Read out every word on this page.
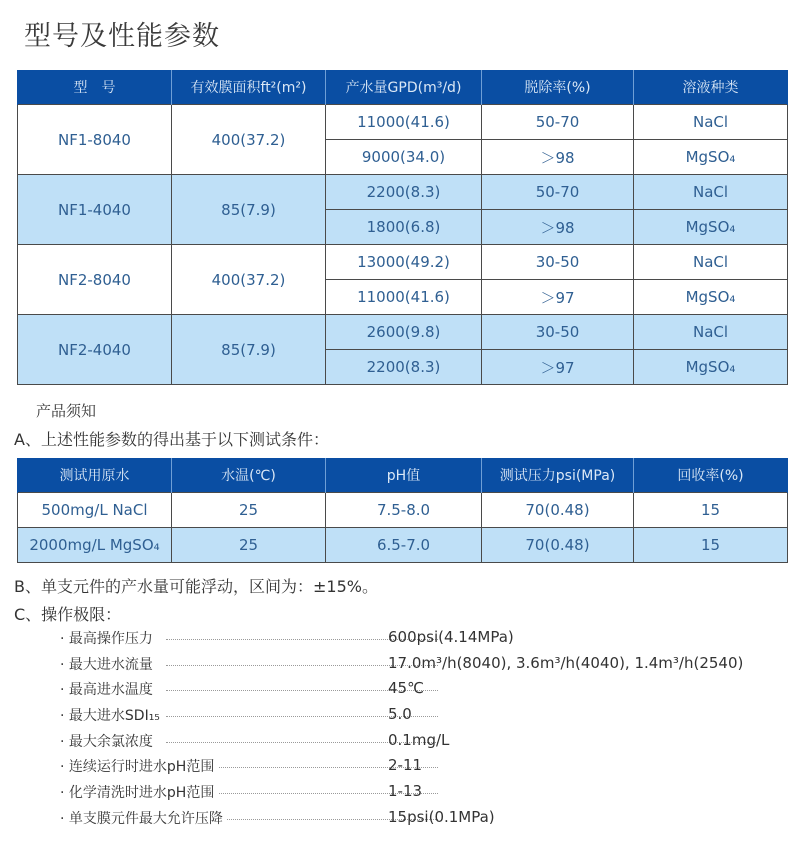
型号及性能参数
型　号	有效膜面积ft²(m²)	产水量GPD(m³/d)	脱除率(%)	溶液种类
NF1-8040	400(37.2)	11000(41.6)	50-70	NaCl
		9000(34.0)	＞98	MgSO₄
NF1-4040	85(7.9)	2200(8.3)	50-70	NaCl
		1800(6.8)	＞98	MgSO₄
NF2-8040	400(37.2)	13000(49.2)	30-50	NaCl
		11000(41.6)	＞97	MgSO₄
NF2-4040	85(7.9)	2600(9.8)	30-50	NaCl
		2200(8.3)	＞97	MgSO₄
产品须知
A、上述性能参数的得出基于以下测试条件：
测试用原水	水温(℃)	pH值	测试压力psi(MPa)	回收率(%)
500mg/L NaCl	25	7.5-8.0	70(0.48)	15
2000mg/L MgSO₄	25	6.5-7.0	70(0.48)	15
B、单支元件的产水量可能浮动，区间为：±15%。
C、操作极限：
· 最高操作压力	600psi(4.14MPa)
· 最大进水流量	17.0m³/h(8040), 3.6m³/h(4040), 1.4m³/h(2540)
· 最高进水温度	45℃
· 最大进水SDI₁₅	5.0
· 最大余氯浓度	0.1mg/L
· 连续运行时进水pH范围	2-11
· 化学清洗时进水pH范围	1-13
· 单支膜元件最大允许压降	15psi(0.1MPa)
